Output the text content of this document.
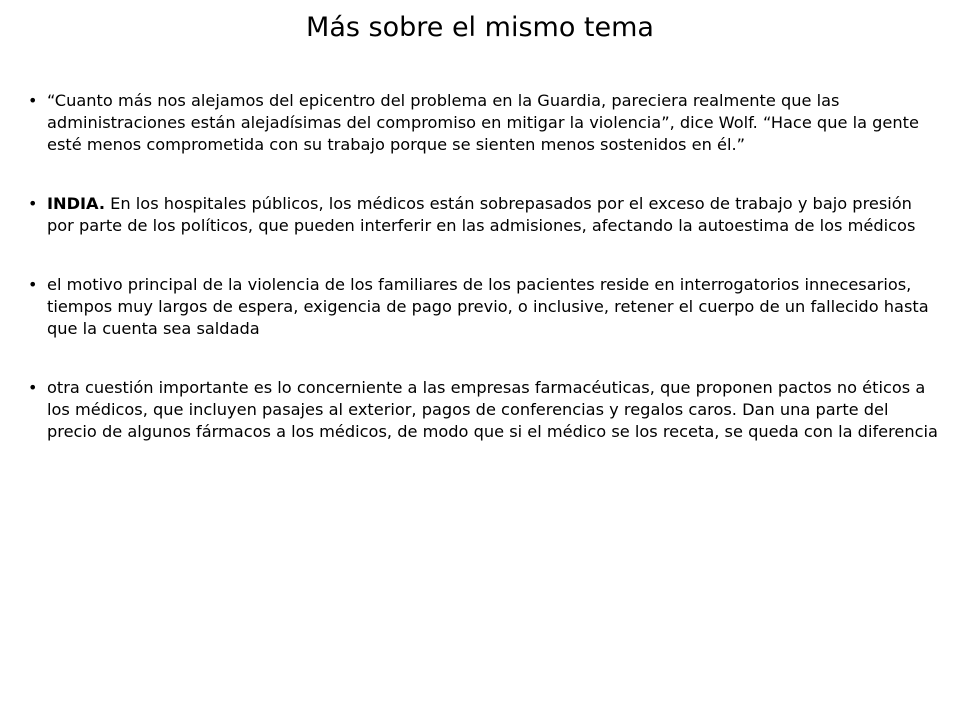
Más sobre el mismo tema
• “Cuanto más nos alejamos del epicentro del problema en la Guardia, pareciera realmente que las administraciones están alejadísimas del compromiso en mitigar la violencia”, dice Wolf. “Hace que la gente esté menos comprometida con su trabajo porque se sienten menos sostenidos en él.”
• INDIA. En los hospitales públicos, los médicos están sobrepasados por el exceso de trabajo y bajo presión por parte de los políticos, que pueden interferir en las admisiones, afectando la autoestima de los médicos
• el motivo principal de la violencia de los familiares de los pacientes reside en interrogatorios innecesarios, tiempos muy largos de espera, exigencia de pago previo, o inclusive, retener el cuerpo de un fallecido hasta que la cuenta sea saldada
• otra cuestión importante es lo concerniente a las empresas farmacéuticas, que proponen pactos no éticos a los médicos, que incluyen pasajes al exterior, pagos de conferencias y regalos caros. Dan una parte del precio de algunos fármacos a los médicos, de modo que si el médico se los receta, se queda con la diferencia
